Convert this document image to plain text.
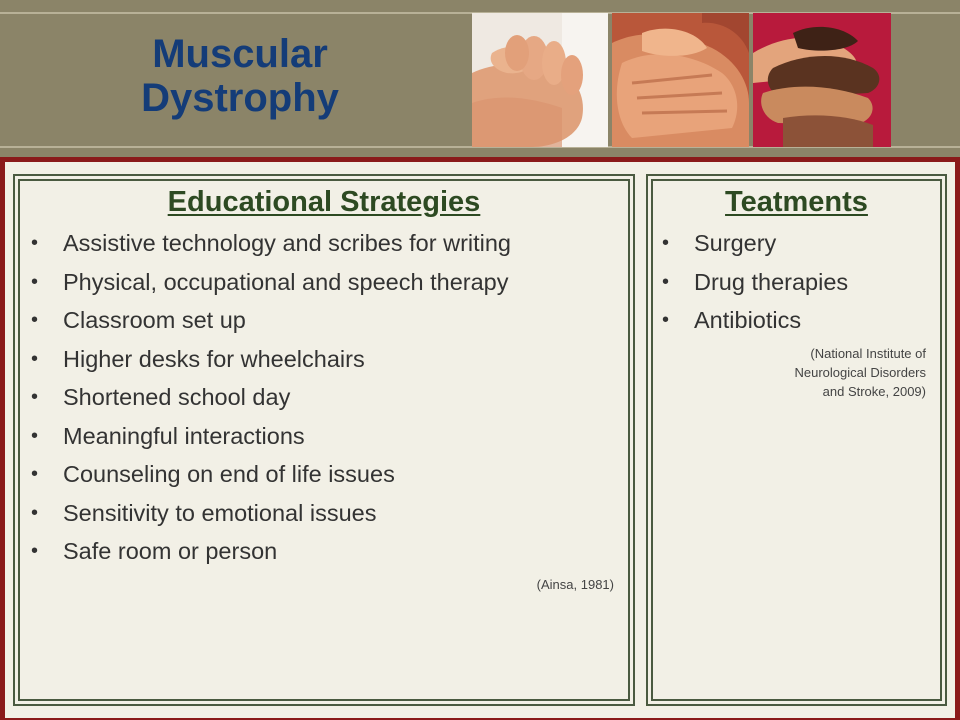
Muscular
Dystrophy
Educational Strategies
• Assistive technology and scribes for writing
• Physical, occupational and speech therapy
• Classroom set up
• Higher desks for wheelchairs
• Shortened school day
• Meaningful interactions
• Counseling on end of life issues
• Sensitivity to emotional issues
• Safe room or person
(Ainsa, 1981)
Teatments
• Surgery
• Drug therapies
• Antibiotics
(National Institute of
Neurological Disorders
and Stroke, 2009)
